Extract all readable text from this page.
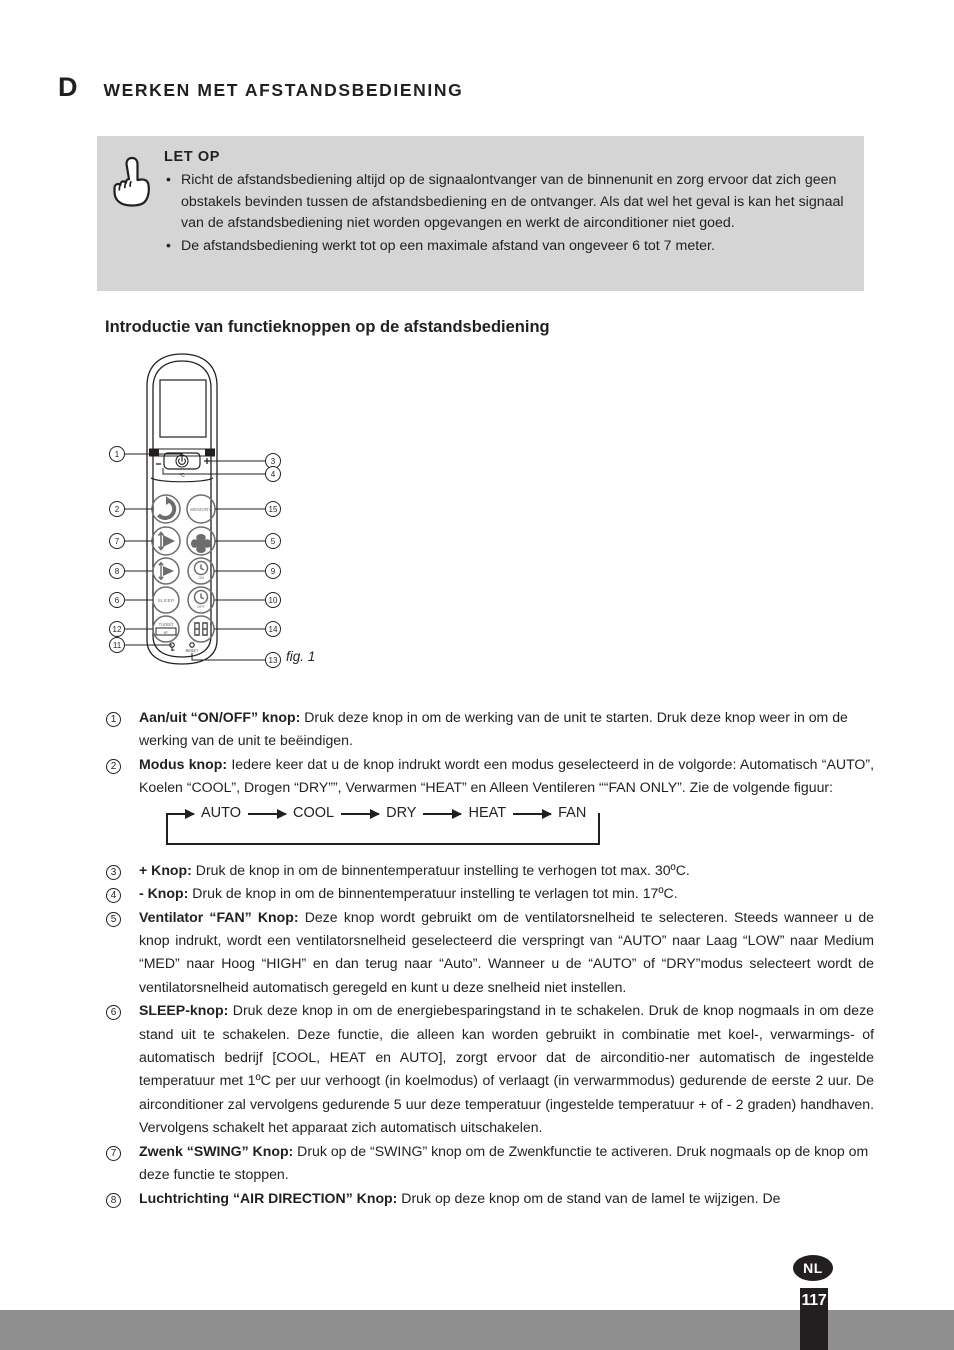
D WERKEN MET AFSTANDSBEDIENING
LET OP
• Richt de afstandsbediening altijd op de signaalontvanger van de binnenunit en zorg ervoor dat zich geen obstakels bevinden tussen de afstandsbediening en de ontvanger. Als dat wel het geval is kan het signaal van de afstandsbediening niet worden opgevangen en werkt de airconditioner niet goed.
• De afstandsbediening werkt tot op een maximale afstand van ongeveer 6 tot 7 meter.
Introductie van functieknoppen op de afstandsbediening
°C
MEMORY
ON
SLEEP
OFF
TURBO
IF
RESET
1
2
7
8
6
12
11
3
4
15
5
9
10
14
13 fig. 1
1	Aan/uit “ON/OFF” knop: Druk deze knop in om de werking van de unit te starten. Druk deze knop weer in om de werking van de unit te beëindigen.
2	Modus knop: Iedere keer dat u de knop indrukt wordt een modus geselecteerd in de volgorde: Automatisch “AUTO”, Koelen “COOL”, Drogen “DRY””, Verwarmen “HEAT” en Alleen Ventileren ““FAN ONLY”. Zie de volgende figuur:
AUTO	COOL	DRY	HEAT	FAN
3	+ Knop: Druk de knop in om de binnentemperatuur instelling te verhogen tot max. 30ºC.
4	- Knop: Druk de knop in om de binnentemperatuur instelling te verlagen tot min. 17ºC.
5	Ventilator “FAN” Knop: Deze knop wordt gebruikt om de ventilatorsnelheid te selecteren. Steeds wanneer u de knop indrukt, wordt een ventilatorsnelheid geselecteerd die verspringt van “AUTO” naar Laag “LOW” naar Medium “MED” naar Hoog “HIGH” en dan terug naar “Auto”. Wanneer u de “AUTO” of “DRY”modus selecteert wordt de ventilatorsnelheid automatisch geregeld en kunt u deze snelheid niet instellen.
6	SLEEP-knop: Druk deze knop in om de energiebesparingstand in te schakelen. Druk de knop nogmaals in om deze stand uit te schakelen. Deze functie, die alleen kan worden gebruikt in combinatie met koel-, verwarmings- of automatisch bedrijf [COOL, HEAT en AUTO], zorgt ervoor dat de airconditio-ner automatisch de ingestelde temperatuur met 1ºC per uur verhoogt (in koelmodus) of verlaagt (in verwarmmodus) gedurende de eerste 2 uur. De airconditioner zal vervolgens gedurende 5 uur deze temperatuur (ingestelde temperatuur + of - 2 graden) handhaven. Vervolgens schakelt het apparaat zich automatisch uitschakelen.
7	Zwenk “SWING” Knop: Druk op de “SWING” knop om de Zwenkfunctie te activeren. Druk nogmaals op de knop om deze functie te stoppen.
8	Luchtrichting “AIR DIRECTION” Knop: Druk op deze knop om de stand van de lamel te wijzigen. De
NL
117
